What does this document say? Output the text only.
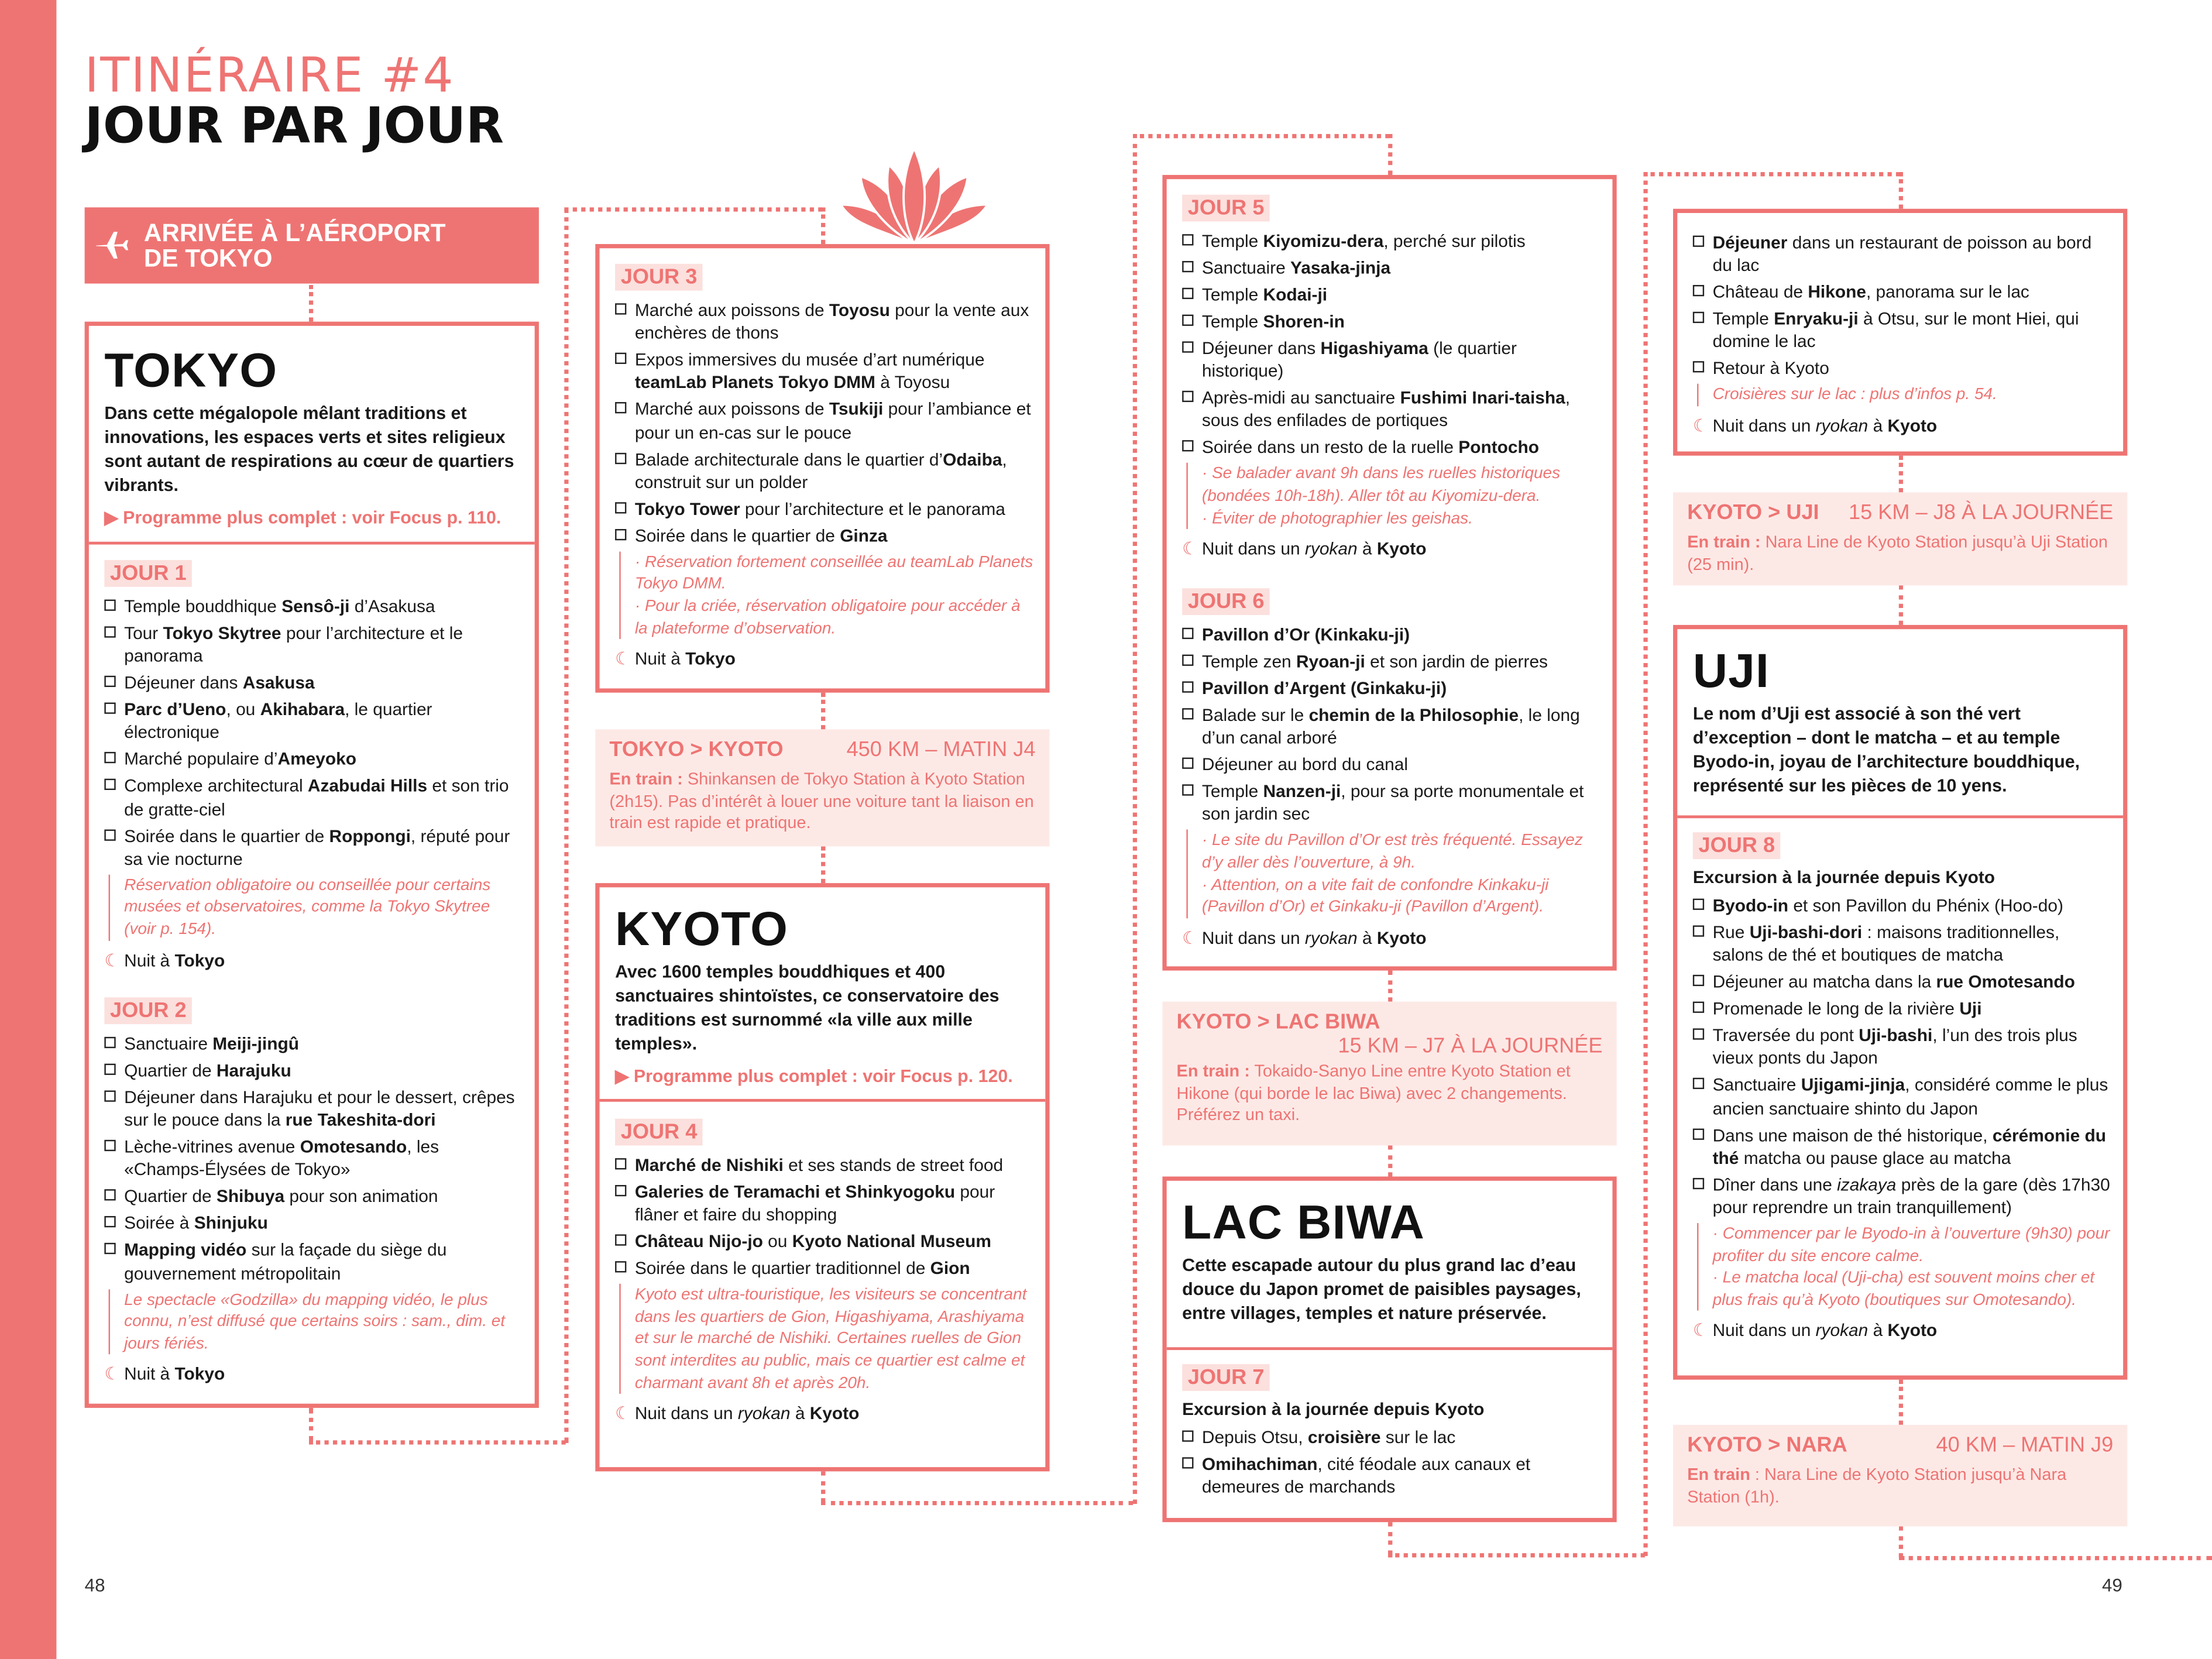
ITINÉRAIRE #4
JOUR PAR JOUR
ARRIVÉE À L’AÉROPORT
DE TOKYO
TOKYO
Dans cette mégalopole mêlant traditions et innovations, les espaces verts et sites religieux sont autant de respirations au cœur de quartiers vibrants.
▶ Programme plus complet : voir Focus p. 110.
JOUR 1
Temple bouddhique Sensô-ji d’Asakusa
Tour Tokyo Skytree pour l’architecture et le panorama
Déjeuner dans Asakusa
Parc d’Ueno, ou Akihabara, le quartier électronique
Marché populaire d’Ameyoko
Complexe architectural Azabudai Hills et son trio de gratte-ciel
Soirée dans le quartier de Roppongi, réputé pour sa vie nocturne
Réservation obligatoire ou conseillée pour certains musées et observatoires, comme la Tokyo Skytree (voir p. 154).
☾ Nuit à Tokyo
JOUR 2
Sanctuaire Meiji-jingû
Quartier de Harajuku
Déjeuner dans Harajuku et pour le dessert, crêpes sur le pouce dans la rue Takeshita-dori
Lèche-vitrines avenue Omotesando, les «Champs-Élysées de Tokyo»
Quartier de Shibuya pour son animation
Soirée à Shinjuku
Mapping vidéo sur la façade du siège du gouvernement métropolitain
Le spectacle «Godzilla» du mapping vidéo, le plus connu, n’est diffusé que certains soirs : sam., dim. et jours fériés.
☾ Nuit à Tokyo
JOUR 3
Marché aux poissons de Toyosu pour la vente aux enchères de thons
Expos immersives du musée d’art numérique teamLab Planets Tokyo DMM à Toyosu
Marché aux poissons de Tsukiji pour l’ambiance et pour un en-cas sur le pouce
Balade architecturale dans le quartier d’Odaiba, construit sur un polder
Tokyo Tower pour l’architecture et le panorama
Soirée dans le quartier de Ginza
· Réservation fortement conseillée au teamLab Planets Tokyo DMM.
· Pour la criée, réservation obligatoire pour accéder à la plateforme d’observation.
☾ Nuit à Tokyo
TOKYO > KYOTO	450 KM – MATIN J4
En train : Shinkansen de Tokyo Station à Kyoto Station (2h15). Pas d’intérêt à louer une voiture tant la liaison en train est rapide et pratique.
KYOTO
Avec 1600 temples bouddhiques et 400 sanctuaires shintoïstes, ce conservatoire des traditions est surnommé «la ville aux mille temples».
▶ Programme plus complet : voir Focus p. 120.
JOUR 4
Marché de Nishiki et ses stands de street food
Galeries de Teramachi et Shinkyogoku pour flâner et faire du shopping
Château Nijo-jo ou Kyoto National Museum
Soirée dans le quartier traditionnel de Gion
Kyoto est ultra-touristique, les visiteurs se concentrant dans les quartiers de Gion, Higashiyama, Arashiyama et sur le marché de Nishiki. Certaines ruelles de Gion sont interdites au public, mais ce quartier est calme et charmant avant 8h et après 20h.
☾ Nuit dans un ryokan à Kyoto
JOUR 5
Temple Kiyomizu-dera, perché sur pilotis
Sanctuaire Yasaka-jinja
Temple Kodai-ji
Temple Shoren-in
Déjeuner dans Higashiyama (le quartier historique)
Après-midi au sanctuaire Fushimi Inari-taisha, sous des enfilades de portiques
Soirée dans un resto de la ruelle Pontocho
· Se balader avant 9h dans les ruelles historiques (bondées 10h-18h). Aller tôt au Kiyomizu-dera.
· Éviter de photographier les geishas.
☾ Nuit dans un ryokan à Kyoto
JOUR 6
Pavillon d’Or (Kinkaku-ji)
Temple zen Ryoan-ji et son jardin de pierres
Pavillon d’Argent (Ginkaku-ji)
Balade sur le chemin de la Philosophie, le long d’un canal arboré
Déjeuner au bord du canal
Temple Nanzen-ji, pour sa porte monumentale et son jardin sec
· Le site du Pavillon d’Or est très fréquenté. Essayez d’y aller dès l’ouverture, à 9h.
· Attention, on a vite fait de confondre Kinkaku-ji (Pavillon d’Or) et Ginkaku-ji (Pavillon d’Argent).
☾ Nuit dans un ryokan à Kyoto
KYOTO > LAC BIWA
15 KM – J7 À LA JOURNÉE
En train : Tokaido-Sanyo Line entre Kyoto Station et Hikone (qui borde le lac Biwa) avec 2 changements. Préférez un taxi.
LAC BIWA
Cette escapade autour du plus grand lac d’eau douce du Japon promet de paisibles paysages, entre villages, temples et nature préservée.
JOUR 7
Excursion à la journée depuis Kyoto
Depuis Otsu, croisière sur le lac
Omihachiman, cité féodale aux canaux et demeures de marchands
Déjeuner dans un restaurant de poisson au bord du lac
Château de Hikone, panorama sur le lac
Temple Enryaku-ji à Otsu, sur le mont Hiei, qui domine le lac
Retour à Kyoto
Croisières sur le lac : plus d’infos p. 54.
☾ Nuit dans un ryokan à Kyoto
KYOTO > UJI	15 KM – J8 À LA JOURNÉE
En train : Nara Line de Kyoto Station jusqu’à Uji Station (25 min).
UJI
Le nom d’Uji est associé à son thé vert d’exception – dont le matcha – et au temple Byodo-in, joyau de l’architecture bouddhique, représenté sur les pièces de 10 yens.
JOUR 8
Excursion à la journée depuis Kyoto
Byodo-in et son Pavillon du Phénix (Hoo-do)
Rue Uji-bashi-dori : maisons traditionnelles, salons de thé et boutiques de matcha
Déjeuner au matcha dans la rue Omotesando
Promenade le long de la rivière Uji
Traversée du pont Uji-bashi, l’un des trois plus vieux ponts du Japon
Sanctuaire Ujigami-jinja, considéré comme le plus ancien sanctuaire shinto du Japon
Dans une maison de thé historique, cérémonie du thé matcha ou pause glace au matcha
Dîner dans une izakaya près de la gare (dès 17h30 pour reprendre un train tranquillement)
· Commencer par le Byodo-in à l’ouverture (9h30) pour profiter du site encore calme.
· Le matcha local (Uji-cha) est souvent moins cher et plus frais qu’à Kyoto (boutiques sur Omotesando).
☾ Nuit dans un ryokan à Kyoto
KYOTO > NARA	40 KM – MATIN J9
En train : Nara Line de Kyoto Station jusqu’à Nara Station (1h).
48	49
